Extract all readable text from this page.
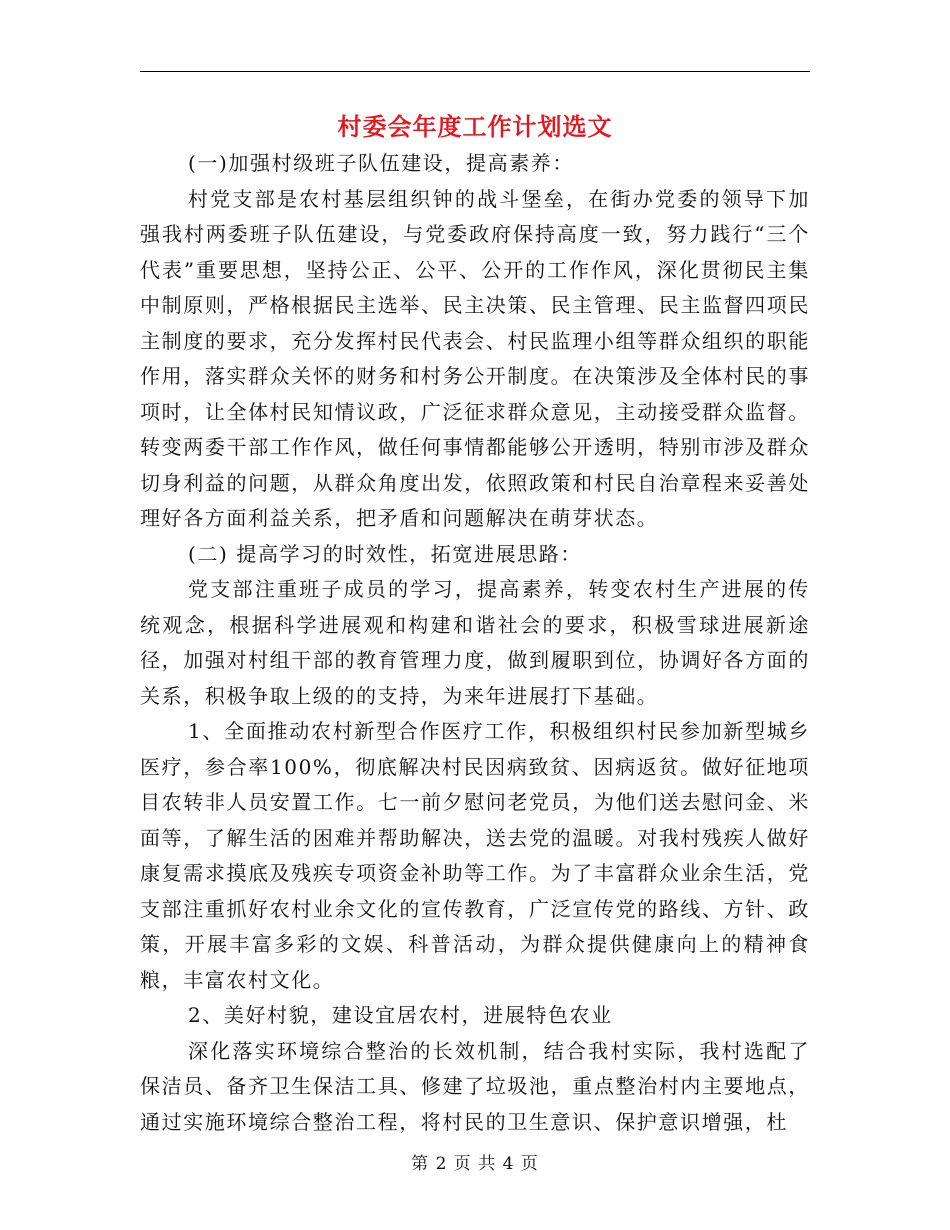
村委会年度工作计划选文

(一)加强村级班子队伍建设，提高素养：

村党支部是农村基层组织钟的战斗堡垒，在街办党委的领导下加强我村两委班子队伍建设，与党委政府保持高度一致，努力践行“三个代表”重要思想，坚持公正、公平、公开的工作作风，深化贯彻民主集中制原则，严格根据民主选举、民主决策、民主管理、民主监督四项民主制度的要求，充分发挥村民代表会、村民监理小组等群众组织的职能作用，落实群众关怀的财务和村务公开制度。在决策涉及全体村民的事项时，让全体村民知情议政，广泛征求群众意见，主动接受群众监督。转变两委干部工作作风，做任何事情都能够公开透明，特别市涉及群众切身利益的问题，从群众角度出发，依照政策和村民自治章程来妥善处理好各方面利益关系，把矛盾和问题解决在萌芽状态。

(二) 提高学习的时效性，拓宽进展思路：

党支部注重班子成员的学习，提高素养，转变农村生产进展的传统观念，根据科学进展观和构建和谐社会的要求，积极雪球进展新途径，加强对村组干部的教育管理力度，做到履职到位，协调好各方面的关系，积极争取上级的的支持，为来年进展打下基础。

1、全面推动农村新型合作医疗工作，积极组织村民参加新型城乡医疗，参合率100%，彻底解决村民因病致贫、因病返贫。做好征地项目农转非人员安置工作。七一前夕慰问老党员，为他们送去慰问金、米面等，了解生活的困难并帮助解决，送去党的温暖。对我村残疾人做好康复需求摸底及残疾专项资金补助等工作。为了丰富群众业余生活，党支部注重抓好农村业余文化的宣传教育，广泛宣传党的路线、方针、政策，开展丰富多彩的文娱、科普活动，为群众提供健康向上的精神食粮，丰富农村文化。

2、美好村貌，建设宜居农村，进展特色农业

深化落实环境综合整治的长效机制，结合我村实际，我村选配了保洁员、备齐卫生保洁工具、修建了垃圾池，重点整治村内主要地点，通过实施环境综合整治工程，将村民的卫生意识、保护意识增强，杜

第 2 页 共 4 页
